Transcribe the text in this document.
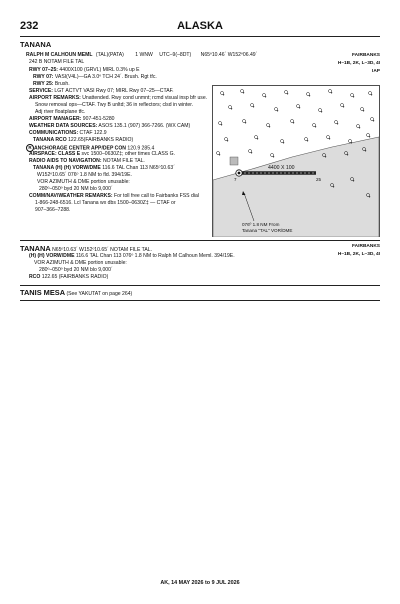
232	ALASKA
TANANA
RALPH M CALHOUN MEML (TAL)(PATA) 1 WNW UTC–9(–8DT) N65º10.46´ W152º06.49´
242 B NOTAM FILE TAL
FAIRBANKS
H–1B, 2K, L–3D, 4I
IAP
RWY 07–25: 4400X100 (GRVL) MIRL 0.3% up E
RWY 07: VASI(V4L)—GA 3.0º TCH 24´. Brush. Rgt tfc.
RWY 25: Brush.
SERVICE: LGT ACTVT VASI Rwy 07; MIRL Rwy 07–25—CTAF.
AIRPORT REMARKS: Unattended. Rwy cond unmnt; rcmd visual insp bfr use.
Snow removal ops—CTAF. Twy B unltd; 36 in reflectors; clsd in winter.
Adj river floatplane tfc.
AIRPORT MANAGER: 907-451-5280
WEATHER DATA SOURCES: ASOS 135.1 (907) 366-7266. (WX CAM)
COMMUNICATIONS: CTAF 122.9
TANANA RCO 122.65(FAIRBANKS RADIO)
R ANCHORAGE CENTER APP/DEP CON 120.9 285.4
AIRSPACE: CLASS E svc 1500–0630Z‡; other times CLASS G.
RADIO AIDS TO NAVIGATION: NOTAM FILE TAL.
TANANA (H) (H) VORW/DME 116.6 TAL Chan 113 N65º10.63´
W152º10.65´ 076º 1.8 NM to fld. 394/19E.
VOR AZIMUTH & DME portion unusable:
280º–050º byd 20 NM blo 9,000´
COMM/NAV/WEATHER REMARKS: For toll free call to Fairbanks FSS dial
1-866-248-6516. Lcl Tanana wx dbs 1500–0630Z‡ — CTAF or
907–366–7288.
7	25
4400 X 100
076º 1.8 NM From
Tanana "TAL" VOR/DME
TANANA N65º10.63´ W152º10.65´ NOTAM FILE TAL.
FAIRBANKS
H–1B, 2K, L–3D, 4I
(H) (H) VORW/DME 116.6 TAL Chan 113 076º 1.8 NM to Ralph M Calhoun Meml. 394/19E.
VOR AZIMUTH & DME portion unusable:
280º–050º byd 20 NM blo 9,000´
RCO 122.65 (FAIRBANKS RADIO)
TANIS MESA (See YAKUTAT on page 264)
AK, 14 MAY 2026 to 9 JUL 2026
